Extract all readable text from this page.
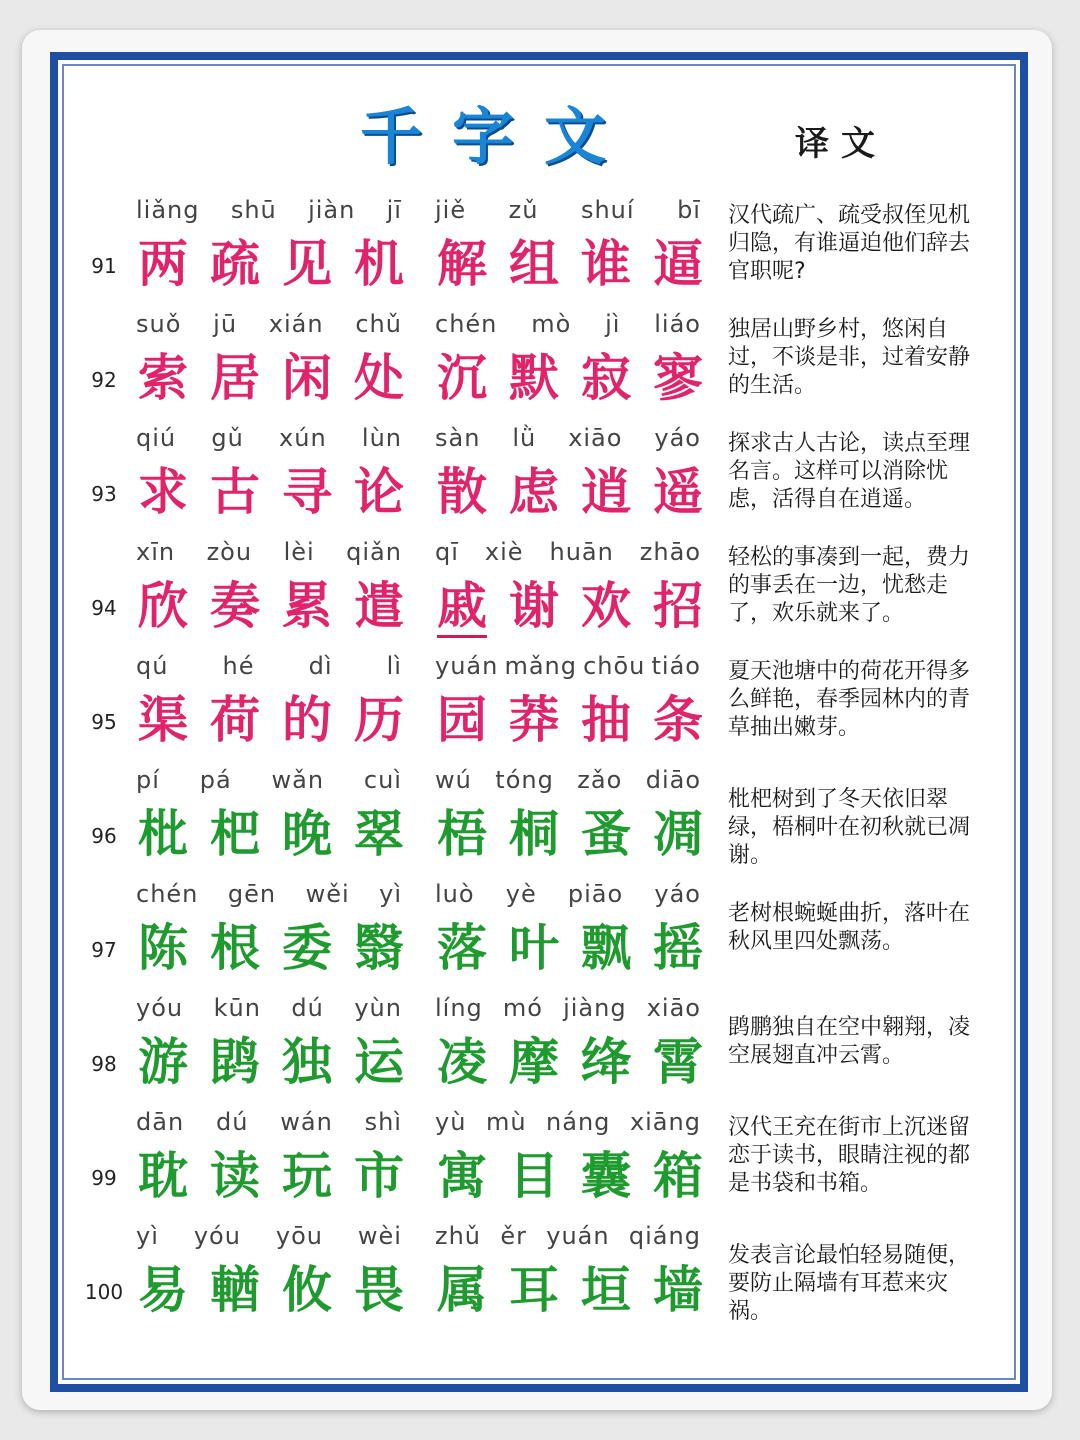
千字文	译文
91
liǎng shū jiàn jī jiě zǔ shuí bī
两 疏 见 机 解 组 谁 逼
汉代疏广、疏受叔侄见机归隐，有谁逼迫他们辞去官职呢?
92
suǒ jū xián chǔ chén mò jì liáo
索 居 闲 处 沉 默 寂 寥
独居山野乡村，悠闲自过，不谈是非，过着安静的生活。
93
qiú gǔ xún lùn sàn lǜ xiāo yáo
求 古 寻 论 散 虑 逍 遥
探求古人古论，读点至理名言。这样可以消除忧虑，活得自在逍遥。
94
xīn zòu lèi qiǎn qī xiè huān zhāo
欣 奏 累 遣 戚 谢 欢 招
轻松的事凑到一起，费力的事丢在一边，忧愁走了，欢乐就来了。
95
qú hé dì lì yuán mǎng chōu tiáo
渠 荷 的 历 园 莽 抽 条
夏天池塘中的荷花开得多么鲜艳，春季园林内的青草抽出嫩芽。
96
pí pá wǎn cuì wú tóng zǎo diāo
枇 杷 晚 翠 梧 桐 蚤 凋
枇杷树到了冬天依旧翠绿，梧桐叶在初秋就已凋谢。
97
chén gēn wěi yì luò yè piāo yáo
陈 根 委 翳 落 叶 飘 摇
老树根蜿蜒曲折，落叶在秋风里四处飘荡。
98
yóu kūn dú yùn líng mó jiàng xiāo
游 鹍 独 运 凌 摩 绛 霄
鹍鹏独自在空中翱翔，凌空展翅直冲云霄。
99
dān dú wán shì yù mù náng xiāng
耽 读 玩 市 寓 目 囊 箱
汉代王充在街市上沉迷留恋于读书，眼睛注视的都是书袋和书箱。
100
yì yóu yōu wèi zhǔ ěr yuán qiáng
易 輶 攸 畏 属 耳 垣 墙
发表言论最怕轻易随便，要防止隔墙有耳惹来灾祸。
